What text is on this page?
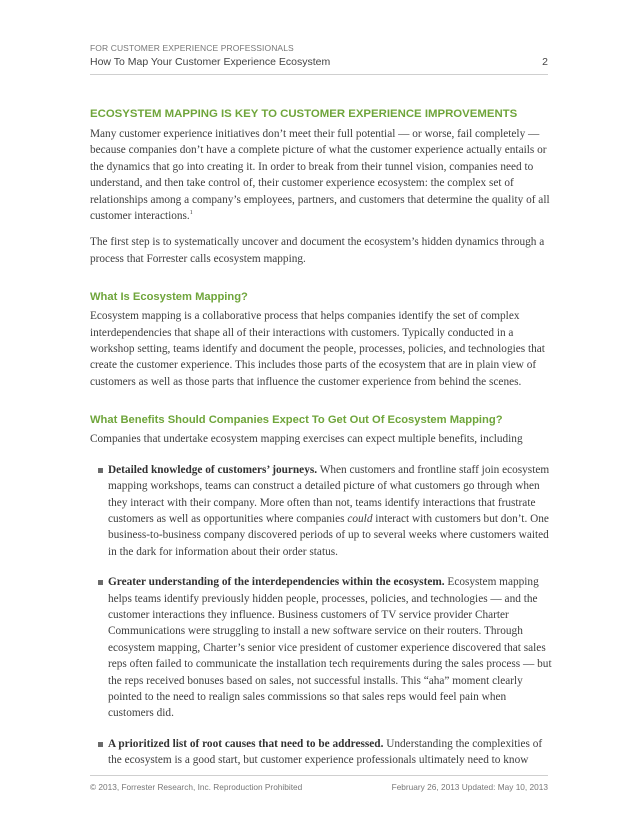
FOR CUSTOMER EXPERIENCE PROFESSIONALS
How To Map Your Customer Experience Ecosystem	2
ECOSYSTEM MAPPING IS KEY TO CUSTOMER EXPERIENCE IMPROVEMENTS

Many customer experience initiatives don’t meet their full potential — or worse, fail completely — because companies don’t have a complete picture of what the customer experience actually entails or the dynamics that go into creating it. In order to break from their tunnel vision, companies need to understand, and then take control of, their customer experience ecosystem: the complex set of relationships among a company’s employees, partners, and customers that determine the quality of all customer interactions.$^1$

The first step is to systematically uncover and document the ecosystem’s hidden dynamics through a process that Forrester calls ecosystem mapping.

What Is Ecosystem Mapping?

Ecosystem mapping is a collaborative process that helps companies identify the set of complex interdependencies that shape all of their interactions with customers. Typically conducted in a workshop setting, teams identify and document the people, processes, policies, and technologies that create the customer experience. This includes those parts of the ecosystem that are in plain view of customers as well as those parts that influence the customer experience from behind the scenes.

What Benefits Should Companies Expect To Get Out Of Ecosystem Mapping?

Companies that undertake ecosystem mapping exercises can expect multiple benefits, including

Detailed knowledge of customers’ journeys. When customers and frontline staff join ecosystem mapping workshops, teams can construct a detailed picture of what customers go through when they interact with their company. More often than not, teams identify interactions that frustrate customers as well as opportunities where companies could interact with customers but don’t. One business-to-business company discovered periods of up to several weeks where customers waited in the dark for information about their order status.
Greater understanding of the interdependencies within the ecosystem. Ecosystem mapping helps teams identify previously hidden people, processes, policies, and technologies — and the customer interactions they influence. Business customers of TV service provider Charter Communications were struggling to install a new software service on their routers. Through ecosystem mapping, Charter’s senior vice president of customer experience discovered that sales reps often failed to communicate the installation tech requirements during the sales process — but the reps received bonuses based on sales, not successful installs. This “aha” moment clearly pointed to the need to realign sales commissions so that sales reps would feel pain when customers did.
A prioritized list of root causes that need to be addressed. Understanding the complexities of the ecosystem is a good start, but customer experience professionals ultimately need to know
© 2013, Forrester Research, Inc. Reproduction Prohibited	February 26, 2013 Updated: May 10, 2013
